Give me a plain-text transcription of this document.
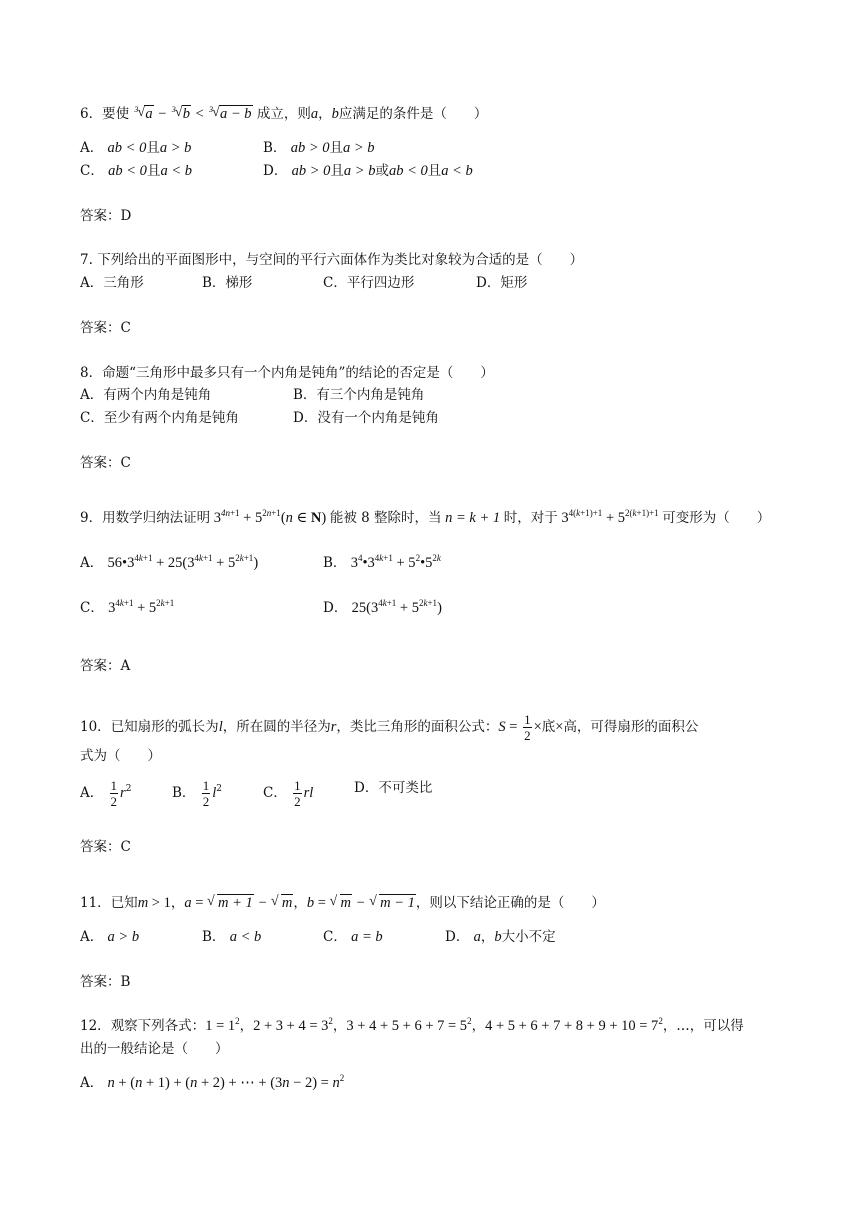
6．要使 3 √ a − 3 √ b < 3 √ a − b 成立，则a，b应满足的条件是（　　）
A． ab < 0且a > b	B． ab > 0且a > b
C． ab < 0且a < b	D． ab > 0且a > b或ab < 0且a < b
答案：D
7. 下列给出的平面图形中，与空间的平行六面体作为类比对象较为合适的是（　　）
A．三角形	B．梯形	C．平行四边形	D．矩形
答案：C
8．命题“三角形中最多只有一个内角是钝角”的结论的否定是（　　）
A．有两个内角是钝角	B．有三个内角是钝角
C．至少有两个内角是钝角	D．没有一个内角是钝角
答案：C
9．用数学归纳法证明 $3^{4n+1} + 5^{2n+1}(n$ ∈ N) 能被 8 整除时，当 n = k + 1 时，对于 $3^{4(k+1)+1} + 5^{2(k+1)+1}$ 可变形为（　　）
A． $56•3^{4k+1} + 25(3^{4k+1} + 5^{2k+1})$	B． $3^4•3^{4k+1}$ + $5^2•5^{2k}$
C． $3^{4k+1} + 5^{2k+1}$	D． $25(3^{4k+1} + 5^{2k+1})$
答案：A
10．已知扇形的弧长为l，所在圆的半径为r，类比三角形的面积公式：$S = \frac{1}{2}$ ×底×高，可得扇形的面积公
式为（　　）
A． $\frac{1}{2} r^2$	B． $\frac{1}{2} l^2$	C． $\frac{1}{2}$ rl	D．不可类比
答案：C
11．已知m > 1，a = √ m + 1 − √ m，b = √ m − √ m − 1，则以下结论正确的是（　　）
A． a > b	B． a < b	C． a = b	D． a，b大小不定
答案：B
12．观察下列各式：$1 = 1^2$，$2 + 3 + 4 = 3^2$，$3 + 4 + 5 + 6 + 7 = 5^2$，$4 + 5 + 6 + 7 + 8 + 9 + 10 = 7^2$，…，可以得
出的一般结论是（　　）
A． n + (n + 1) + (n + 2) + ⋯ + $(3n - 2) = n^2$
